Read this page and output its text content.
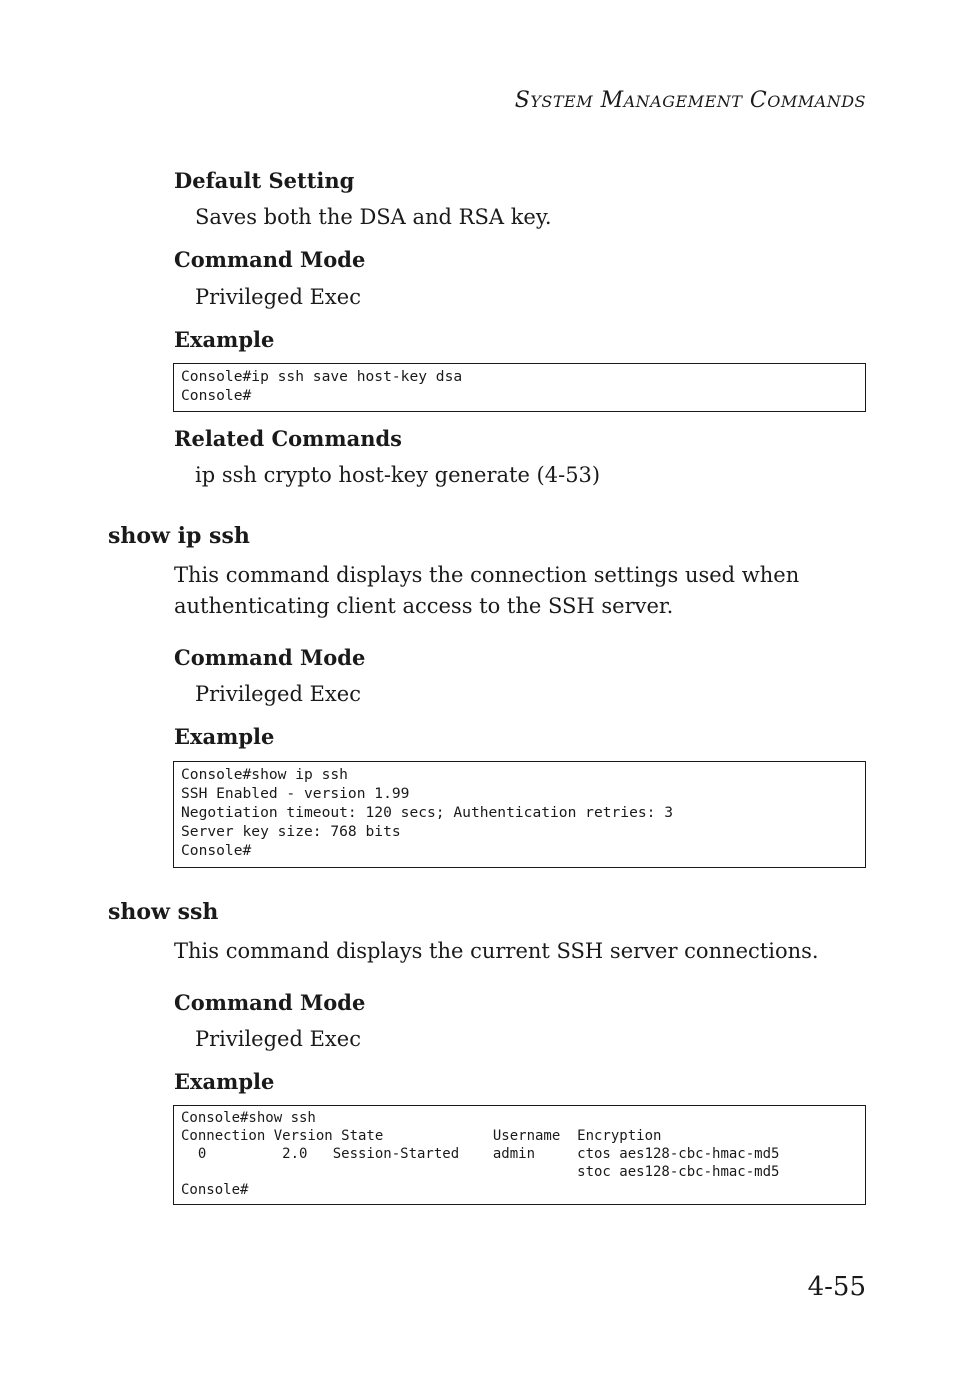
SYSTEM MANAGEMENT COMMANDS
Default Setting

Saves both the DSA and RSA key.

Command Mode

Privileged Exec

Example
Console#ip ssh save host-key dsa
Console#
Related Commands

ip ssh crypto host-key generate (4-53)

show ip ssh

This command displays the connection settings used when authenticating client access to the SSH server.

Command Mode

Privileged Exec

Example
Console#show ip ssh
SSH Enabled - version 1.99
Negotiation timeout: 120 secs; Authentication retries: 3
Server key size: 768 bits
Console#
show ssh

This command displays the current SSH server connections.

Command Mode

Privileged Exec

Example
Console#show ssh
Connection Version State             Username  Encryption
0         2.0   Session-Started    admin     ctos aes128-cbc-hmac-md5
stoc aes128-cbc-hmac-md5
Console#
4-55
